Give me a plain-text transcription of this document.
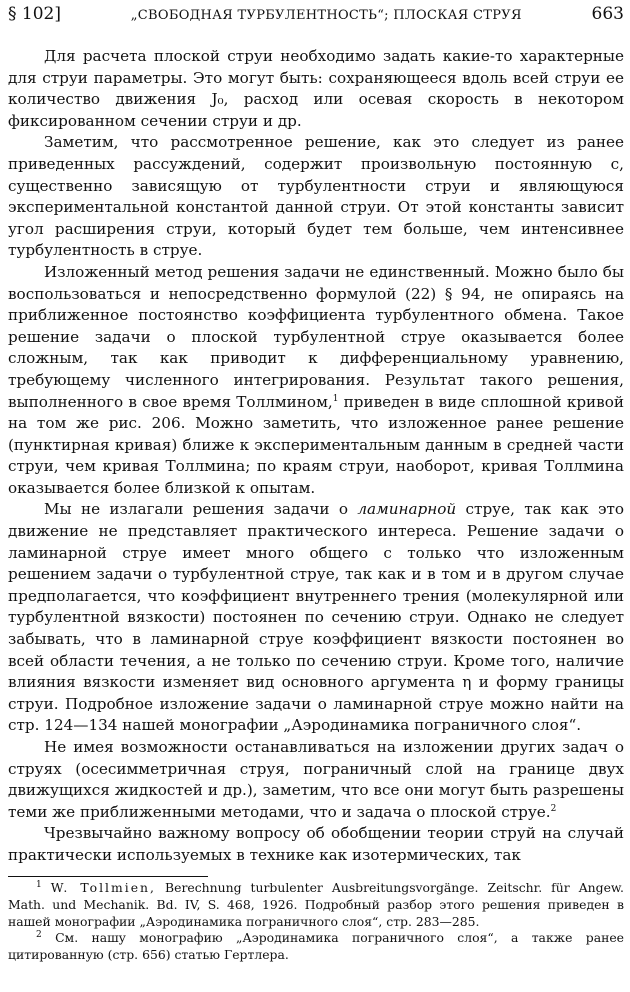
§ 102]	„СВОБОДНАЯ ТУРБУЛЕНТНОСТЬ“; ПЛОСКАЯ СТРУЯ	663

Для расчета плоской струи необходимо задать какие-то характерные для струи параметры. Это могут быть: сохраняющееся вдоль всей струи ее количество движения J₀, расход или осевая скорость в некотором фиксированном сечении струи и др.

Заметим, что рассмотренное решение, как это следует из ранее приведенных рассуждений, содержит произвольную постоянную c, существенно зависящую от турбулентности струи и являющуюся экспериментальной константой данной струи. От этой константы зависит угол расширения струи, который будет тем больше, чем интенсивнее турбулентность в струе.

Изложенный метод решения задачи не единственный. Можно было бы воспользоваться и непосредственно формулой (22) § 94, не опираясь на приближенное постоянство коэффициента турбулентного обмена. Такое решение задачи о плоской турбулентной струе оказывается более сложным, так как приводит к дифференциальному уравнению, требующему численного интегрирования. Результат такого решения, выполненного в свое время Толлмином,$^1$ приведен в виде сплошной кривой на том же рис. 206. Можно заметить, что изложенное ранее решение (пунктирная кривая) ближе к экспериментальным данным в средней части струи, чем кривая Толлмина; по краям струи, наоборот, кривая Толлмина оказывается более близкой к опытам.

Мы не излагали решения задачи о ламинарной струе, так как это движение не представляет практического интереса. Решение задачи о ламинарной струе имеет много общего с только что изложенным решением задачи о турбулентной струе, так как и в том и в другом случае предполагается, что коэффициент внутреннего трения (молекулярной или турбулентной вязкости) постоянен по сечению струи. Однако не следует забывать, что в ламинарной струе коэффициент вязкости постоянен во всей области течения, а не только по сечению струи. Кроме того, наличие влияния вязкости изменяет вид основного аргумента η и форму границы струи. Подробное изложение задачи о ламинарной струе можно найти на стр. 124—134 нашей монографии „Аэродинамика пограничного слоя“.

Не имея возможности останавливаться на изложении других задач о струях (осесимметричная струя, пограничный слой на границе двух движущихся жидкостей и др.), заметим, что все они могут быть разрешены теми же приближенными методами, что и задача о плоской струе.$^2$

Чрезвычайно важному вопросу об обобщении теории струй на случай практически используемых в технике как изотермических, так

$^1$ W. Tollmien, Berechnung turbulenter Ausbreitungsvorgänge. Zeitschr. für Angew. Math. und Mechanik. Bd. IV, S. 468, 1926. Подробный разбор этого решения приведен в нашей монографии „Аэродинамика пограничного слоя“, стр. 283—285.

$^2$ См. нашу монографию „Аэродинамика пограничного слоя“, а также ранее цитированную (стр. 656) статью Гертлера.
